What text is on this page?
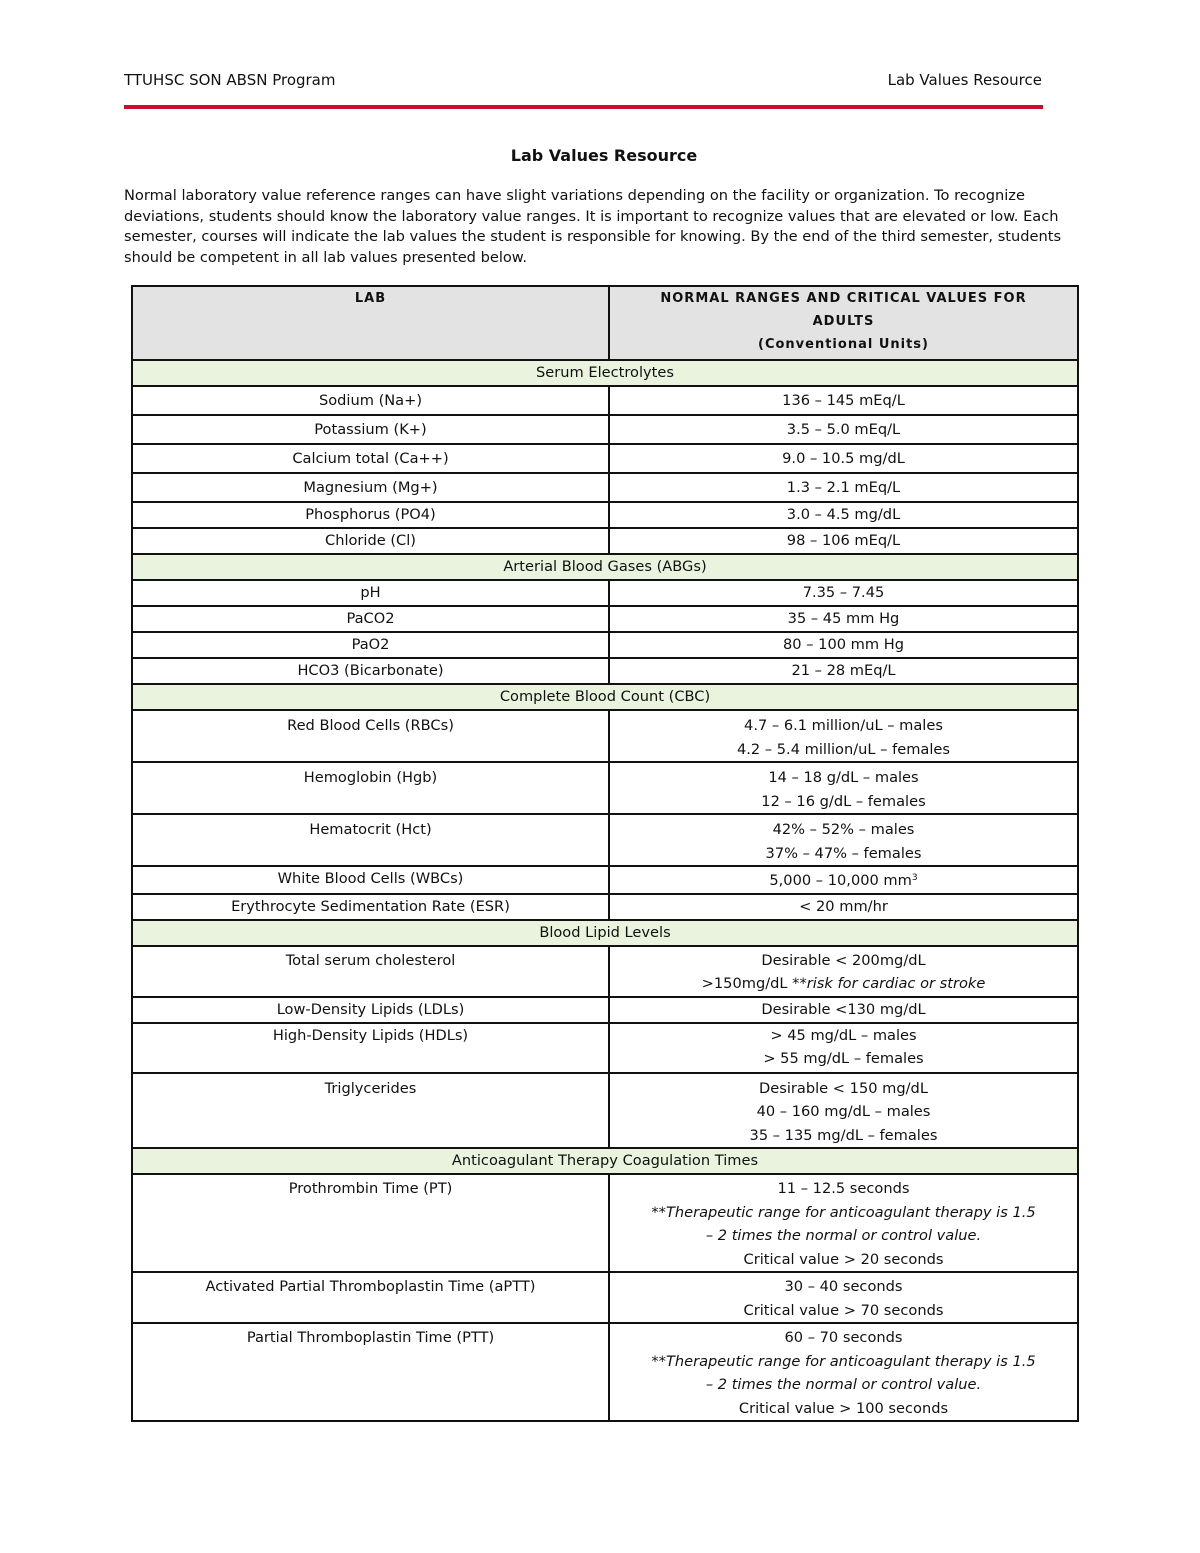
TTUHSC SON ABSN Program	Lab Values Resource
Lab Values Resource
Normal laboratory value reference ranges can have slight variations depending on the facility or organization. To recognize deviations, students should know the laboratory value ranges. It is important to recognize values that are elevated or low. Each semester, courses will indicate the lab values the student is responsible for knowing. By the end of the third semester, students should be competent in all lab values presented below.
LAB	NORMAL RANGES AND CRITICAL VALUES FOR ADULTS
(Conventional Units)

Serum Electrolytes	
Sodium (Na+)	136 – 145 mEq/L
Potassium (K+)	3.5 – 5.0 mEq/L
Calcium total (Ca++)	9.0 – 10.5 mg/dL
Magnesium (Mg+)	1.3 – 2.1 mEq/L
Phosphorus (PO4)	3.0 – 4.5 mg/dL
Chloride (Cl)	98 – 106 mEq/L
Arterial Blood Gases (ABGs)	
pH	7.35 – 7.45
PaCO2	35 – 45 mm Hg
PaO2	80 – 100 mm Hg
HCO3 (Bicarbonate)	21 – 28 mEq/L
Complete Blood Count (CBC)	
Red Blood Cells (RBCs)	4.7 – 6.1 million/uL – males
4.2 – 5.4 million/uL – females

Hemoglobin (Hgb)	14 – 18 g/dL – males
12 – 16 g/dL – females

Hematocrit (Hct)	42% – 52% – males
37% – 47% – females

White Blood Cells (WBCs)	5,000 – 10,000 $mm^3$
Erythrocyte Sedimentation Rate (ESR)	< 20 mm/hr
Blood Lipid Levels	
Total serum cholesterol	Desirable < 200mg/dL
>150mg/dL **risk for cardiac or stroke

Low-Density Lipids (LDLs)	Desirable <130 mg/dL
High-Density Lipids (HDLs)	> 45 mg/dL – males
> 55 mg/dL – females

Triglycerides	Desirable < 150 mg/dL
40 – 160 mg/dL – males
35 – 135 mg/dL – females

Anticoagulant Therapy Coagulation Times	
Prothrombin Time (PT)	11 – 12.5 seconds
**Therapeutic range for anticoagulant therapy is 1.5
– 2 times the normal or control value.
Critical value > 20 seconds

Activated Partial Thromboplastin Time (aPTT)	30 – 40 seconds
Critical value > 70 seconds

Partial Thromboplastin Time (PTT)	60 – 70 seconds
**Therapeutic range for anticoagulant therapy is 1.5
– 2 times the normal or control value.
Critical value > 100 seconds
